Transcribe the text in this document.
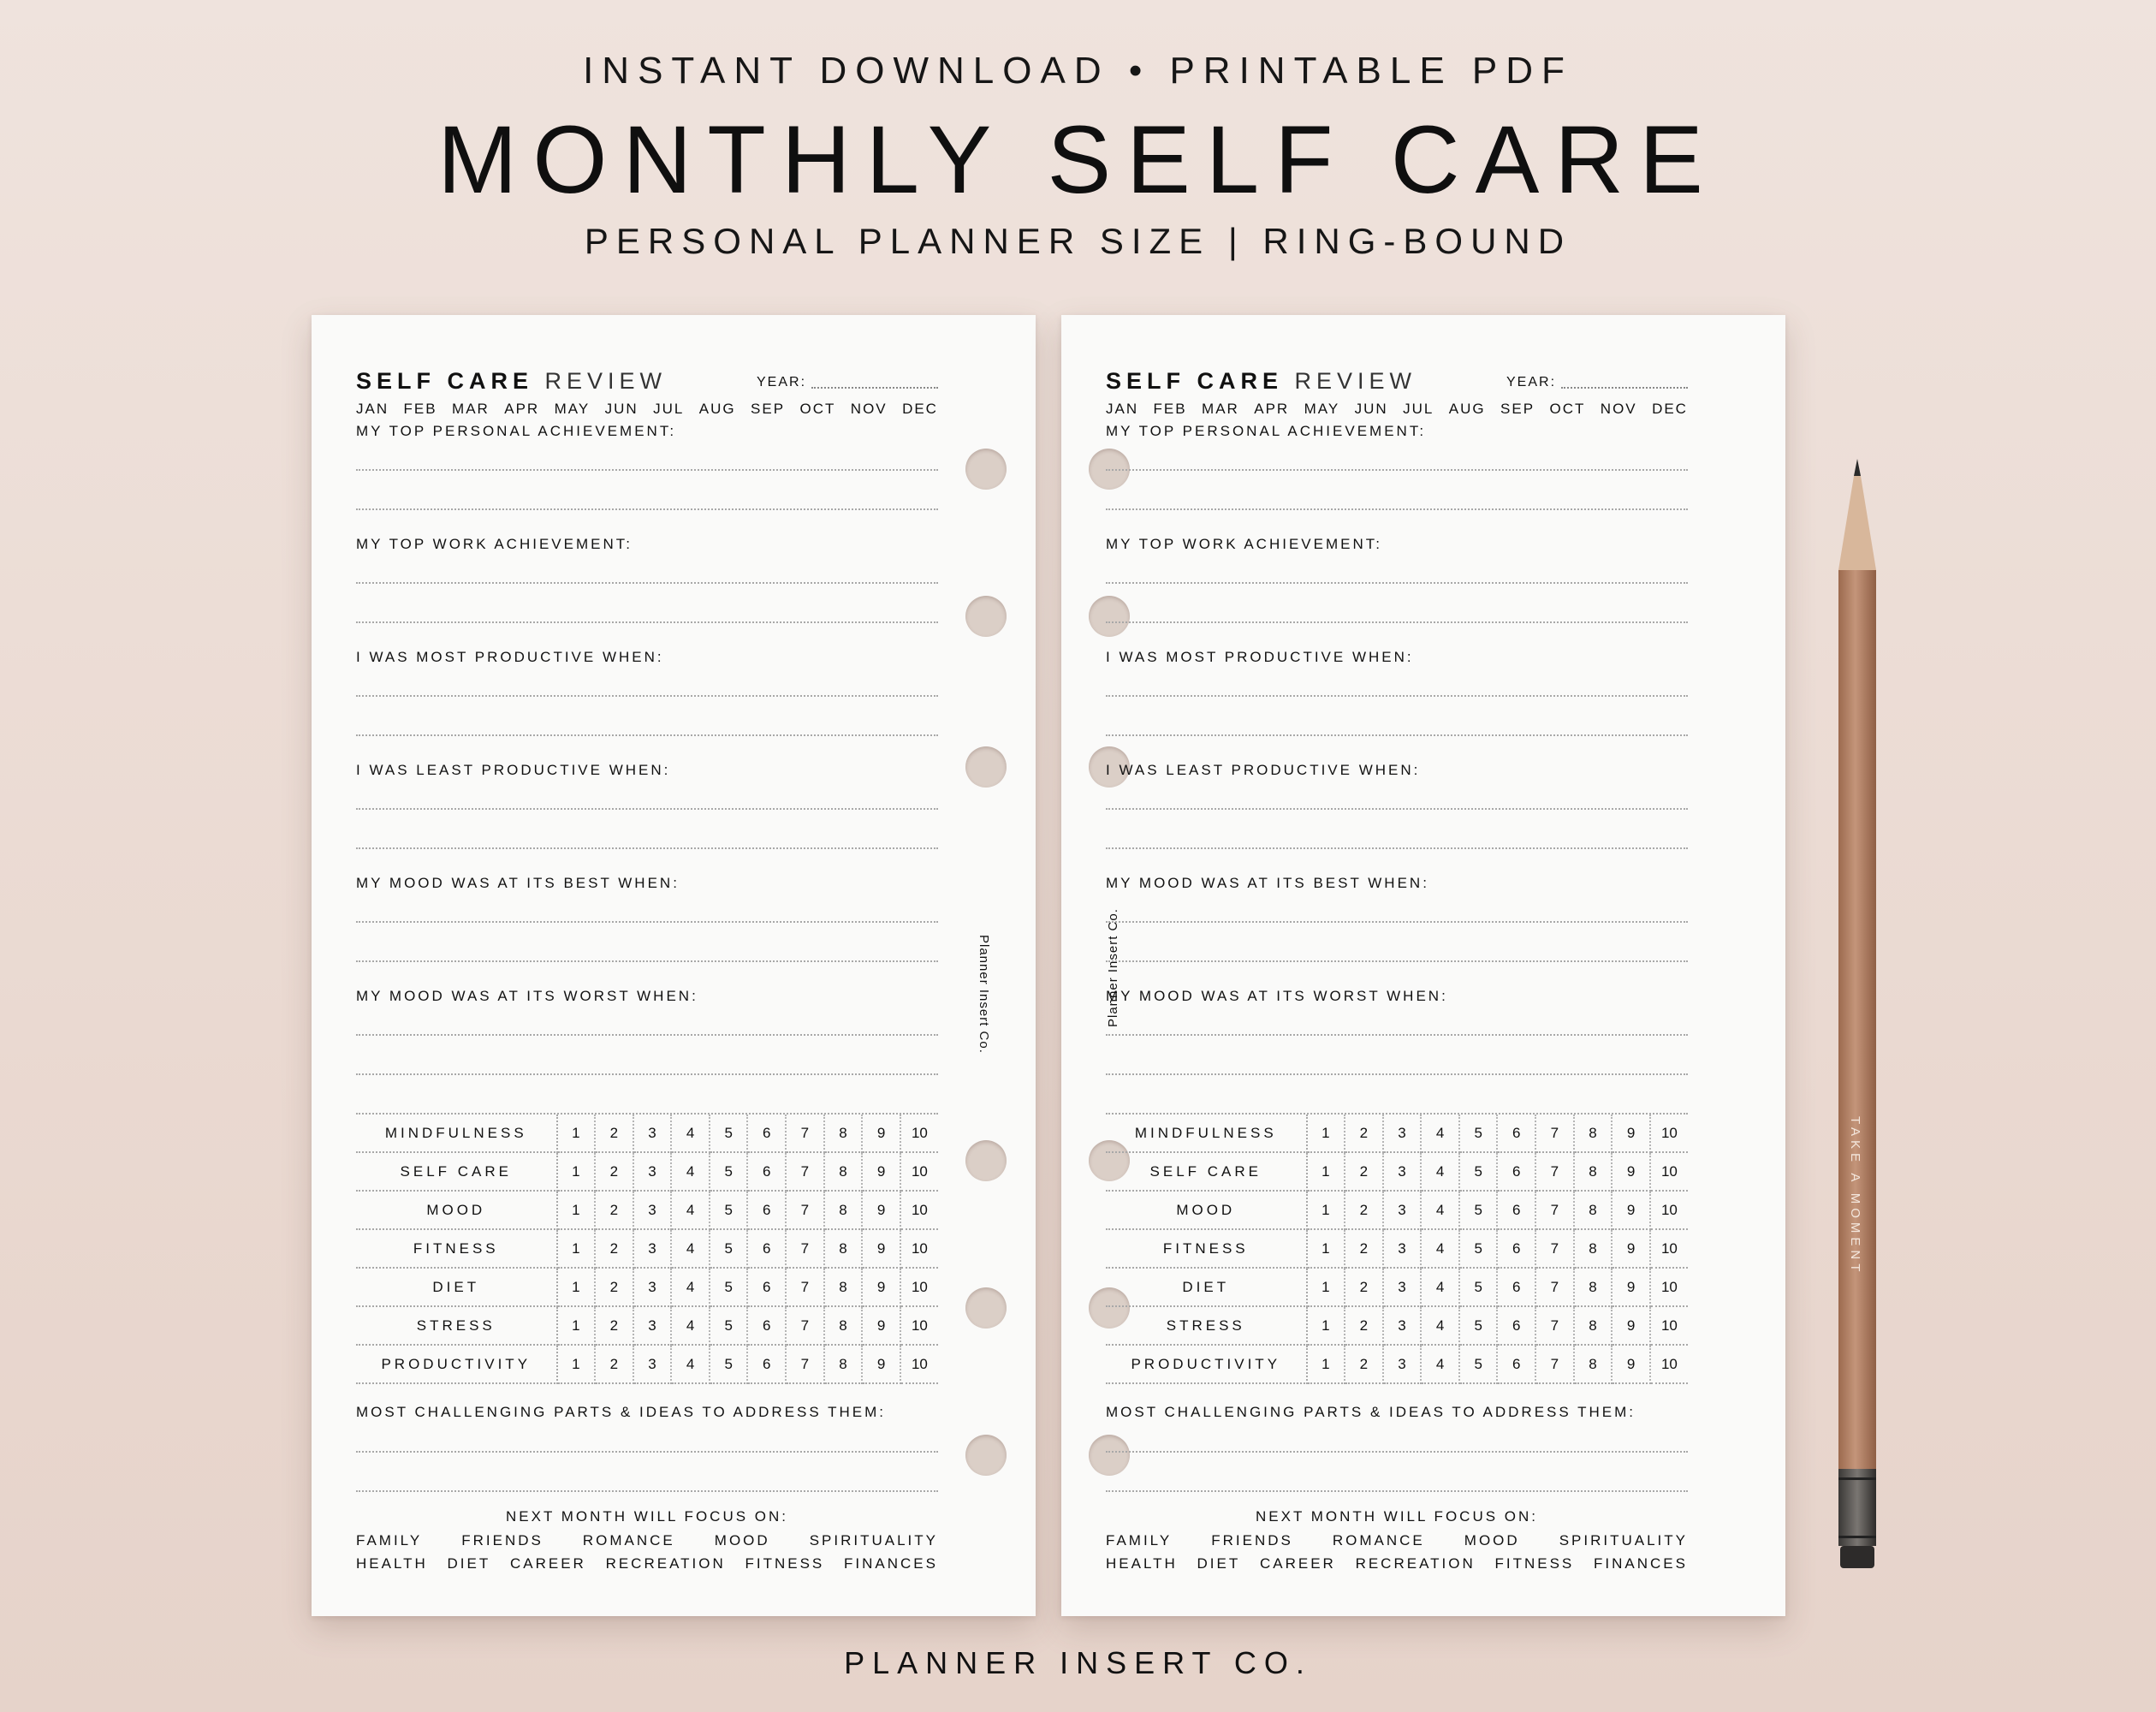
INSTANT DOWNLOAD • PRINTABLE PDF
MONTHLY SELF CARE
PERSONAL PLANNER SIZE | RING-BOUND
Planner Insert Co.
SELF CARE REVIEW	YEAR:
JAN FEB MAR APR MAY JUN JUL AUG SEP OCT NOV DEC
MY TOP PERSONAL ACHIEVEMENT:
MY TOP WORK ACHIEVEMENT:
I WAS MOST PRODUCTIVE WHEN:
I WAS LEAST PRODUCTIVE WHEN:
MY MOOD WAS AT ITS BEST WHEN:
MY MOOD WAS AT ITS WORST WHEN:
MINDFULNESS	1	2	3	4	5	6	7	8	9	10
SELF CARE	1	2	3	4	5	6	7	8	9	10
MOOD	1	2	3	4	5	6	7	8	9	10
FITNESS	1	2	3	4	5	6	7	8	9	10
DIET	1	2	3	4	5	6	7	8	9	10
STRESS	1	2	3	4	5	6	7	8	9	10
PRODUCTIVITY	1	2	3	4	5	6	7	8	9	10
MOST CHALLENGING PARTS & IDEAS TO ADDRESS THEM:
NEXT MONTH WILL FOCUS ON:
FAMILY	FRIENDS	ROMANCE	MOOD	SPIRITUALITY
HEALTH DIET CAREER RECREATION FITNESS FINANCES
Planner Insert Co.
SELF CARE REVIEW	YEAR:
JAN FEB MAR APR MAY JUN JUL AUG SEP OCT NOV DEC
MY TOP PERSONAL ACHIEVEMENT:
MY TOP WORK ACHIEVEMENT:
I WAS MOST PRODUCTIVE WHEN:
I WAS LEAST PRODUCTIVE WHEN:
MY MOOD WAS AT ITS BEST WHEN:
MY MOOD WAS AT ITS WORST WHEN:
MINDFULNESS	1	2	3	4	5	6	7	8	9	10
SELF CARE	1	2	3	4	5	6	7	8	9	10
MOOD	1	2	3	4	5	6	7	8	9	10
FITNESS	1	2	3	4	5	6	7	8	9	10
DIET	1	2	3	4	5	6	7	8	9	10
STRESS	1	2	3	4	5	6	7	8	9	10
PRODUCTIVITY	1	2	3	4	5	6	7	8	9	10
MOST CHALLENGING PARTS & IDEAS TO ADDRESS THEM:
NEXT MONTH WILL FOCUS ON:
FAMILY	FRIENDS	ROMANCE	MOOD	SPIRITUALITY
HEALTH DIET CAREER RECREATION FITNESS FINANCES
TAKE A MOMENT
PLANNER INSERT CO.
